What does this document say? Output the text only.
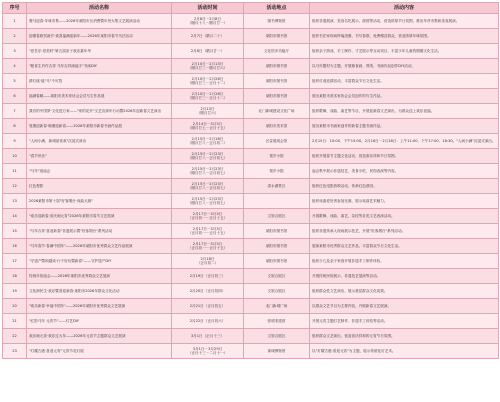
序号	活动名称	活动时间	活动地点	活动内容
1	骏马迎春·年味市集——2026年莱阳市区消费暨年货大集文艺展演活动	2月8日－2月8日
（腊月十八－腊月廿一）	图书博物馆	组织非遗展演、美食名吃展示、游园等活动，营造浓厚节日氛围，推出年货市集和美食展演。
2	韵墨春联贺新岁·欢喜福满迎新年——2026年莱阳市春节书法活动	2月7日（腊月二十）	莱阳市图书馆	组织书法家现场挥毫泼墨、书写春联，免费赠送群众，营造浓厚年味氛围。
3	"爱吾乐·爱美时"第五届亲子欢乐嘉年华	2月8日（腊月廿一）	文化馆多功能厅	组织亲子游戏、手工制作、才艺展示等互动项目，丰富少年儿童的假期文化生活。
4	"粮食生肖作吉祥 马年吉祥画福字"书画DIY	2月10日－2月13日
（腊月廿三－腊月廿六）	莱阳市图书馆	以马年题材为主题，开展粮食画、剪纸、书画作品创作DIY活动。
5	猜灯谜·福"马"不可挡	2月10日－2月28日
（腊月廿三－正月十二）	莱阳市图书馆	组织灯谜竞猜活动，丰富群众节日文化生活。
6	福满春暖——莱阳市美术家协会会员写生作品展	2月10日－2月28日
（腊月廿三－正月十二）	莱阳市图书馆	展出莱阳市美术家协会会员创作的写生作品。
7	我们的中国梦·文化进万家——"家的花开"文艺宣演车行动暨2026年迎新春文艺演出	2月13日
（腊月廿六）	北门新城建设文化广场	组织歌舞、戏曲、曲艺等节目，开展迎新春文艺演出，为群众送上欢乐祝福。
8	笔墨迎新春·翰墨迎新春——2026年莱阳市新春书画作品展	2月14日－3月3日
（腊月廿七－正月十五）	莱阳市美术馆	展出莱阳市书画家创作的新春主题书画作品。
9	"人间小满，新城谊常欢"沉浸式演出	2月15日－2月18日
（腊月廿八－正月初二）	区壹展现会馆	2月15日：10:00、下午15:00。2月16日－2月18日：上午11:00、下午17:00、18:30。"人间小满"沉浸式演出。
10	"春节快乐"	2月15日－2月23日
（腊月廿八－正月初七）	梨乡小院	组织开展春节主题文化活动，营造欢乐祥和节日氛围。
11	"马年"逛庙会	2月15日－2月23日
（腊月廿八－正月初七）	梨乡小院	庙会集中展示非遗技艺、美食小吃、民俗表演等内容。
12	红色观影	2月15日－2月23日
（腊月廿八－正月初七）	清水湖景区	组织红色电影放映活动，传承红色基因。
13	2026莱阳市第十届"好客烟台·戏曲大赛"	2月15日－2月23日
（腊月廿八－正月初七）		组织戏曲爱好者参加比赛，展示戏曲艺术魅力。
14	"欢乐迎新春·喜庆闹元宵"2026年莱阳市春节文艺展演	2月17日－3月3日
（正月初一－正月十五）	文旅合展区	开展歌舞、戏曲、曲艺、杂技等各类文艺表演活动。
15	"马年吉祥·喜迎新春"非遗展示暨"好客烟台"系列活动	2月17日－3月3日
（正月初一－正月十五）	莱阳市图书馆	组织非遗传承人现场展示技艺，开展"好客烟台"系列活动。
16	"马年春节·春满中国年"——2026年莱阳市优秀群众文艺作品展演	2月17日－3月3日
（正月初一－正月十五）	莱阳市图书馆	展演莱阳市优秀群众文艺作品，丰富群众节日文化生活。
17	"守遗产暨和越戏·行于好玩暨新春"——守护遗产DIY	2月18日
（正月初二）	莱阳市图书馆	组织少儿及亲子家庭开展非遗手工制作体验。
18	传统年俗庙会——2026年莱阳市优秀群众文艺展演	2月19日（正月初三）	文旅合展区	开展传统民俗展示、非遗技艺展演等活动。
19	文化润民生·欢乐暨喜迎新春·莱阳市2026年群众文化活动	2月20日（正月初四）	文旅合展区	组织群众性文艺演出，展示基层群众文化成果。
20	"欢乐新春·幸福中国年"——2026年莱阳市优秀群众文艺展演	2月21日（正月初五）	北门新城广场	以群众文艺节目为主要内容，开展新春文艺展演。
21	"红影马年 元宵节"——灯艺DIY	2月22日（正月初六）	张明非遗馆	开展元宵主题灯艺制作、非遗手工体验等活动。
22	欢乐闹元宵·欢乐过大年——2026年元宵节主题群众文艺展演	3月1日（正月十三）	文旅合展区	组织群众文艺演出，营造喜庆祥和的元宵节日氛围。
23	"灯耀古港·喜迎元宵"元宵节花灯展	3月1日－3月29日
（正月十三－二月十一）	莱城博物馆	以"灯耀古港·喜迎元宵"为主题，展示传统花灯艺术。
